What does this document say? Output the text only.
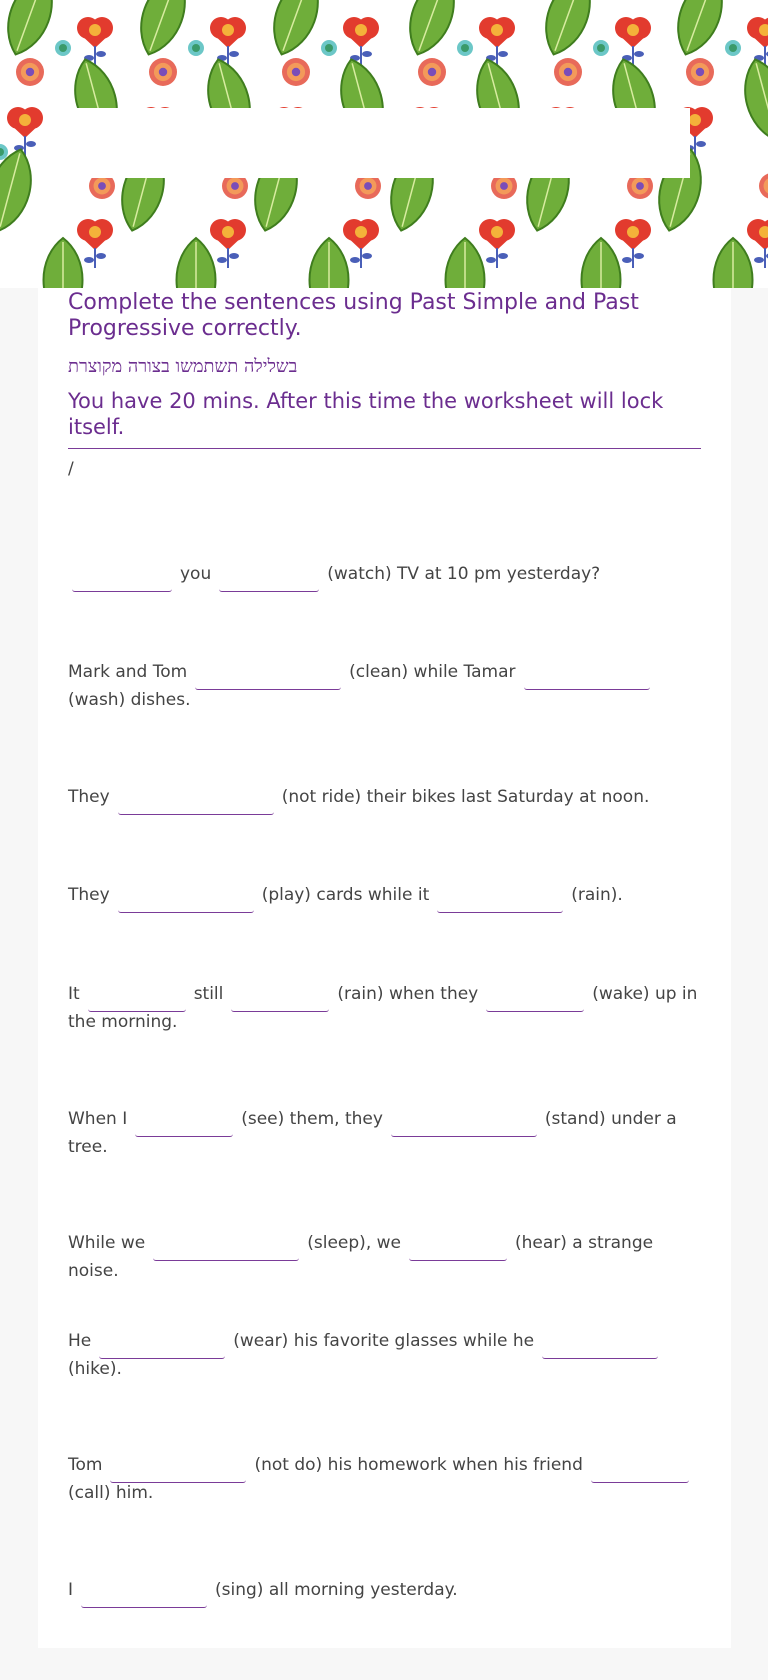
Complete the sentences using Past Simple and Past Progressive correctly.
בשלילה תשתמשו בצורה מקוצרת
You have 20 mins. After this time the worksheet will lock itself.
/
you	(watch) TV at 10 pm yesterday?
Mark and Tom	(clean) while Tamar
(wash) dishes.
They	(not ride) their bikes last Saturday at noon.
They	(play) cards while it	(rain).
It	still	(rain) when they	(wake) up in the morning.
When I	(see) them, they	(stand) under a tree.
While we	(sleep), we	(hear) a strange noise.
He	(wear) his favorite glasses while he
(hike).
Tom	(not do) his homework when his friend
(call) him.
I	(sing) all morning yesterday.
